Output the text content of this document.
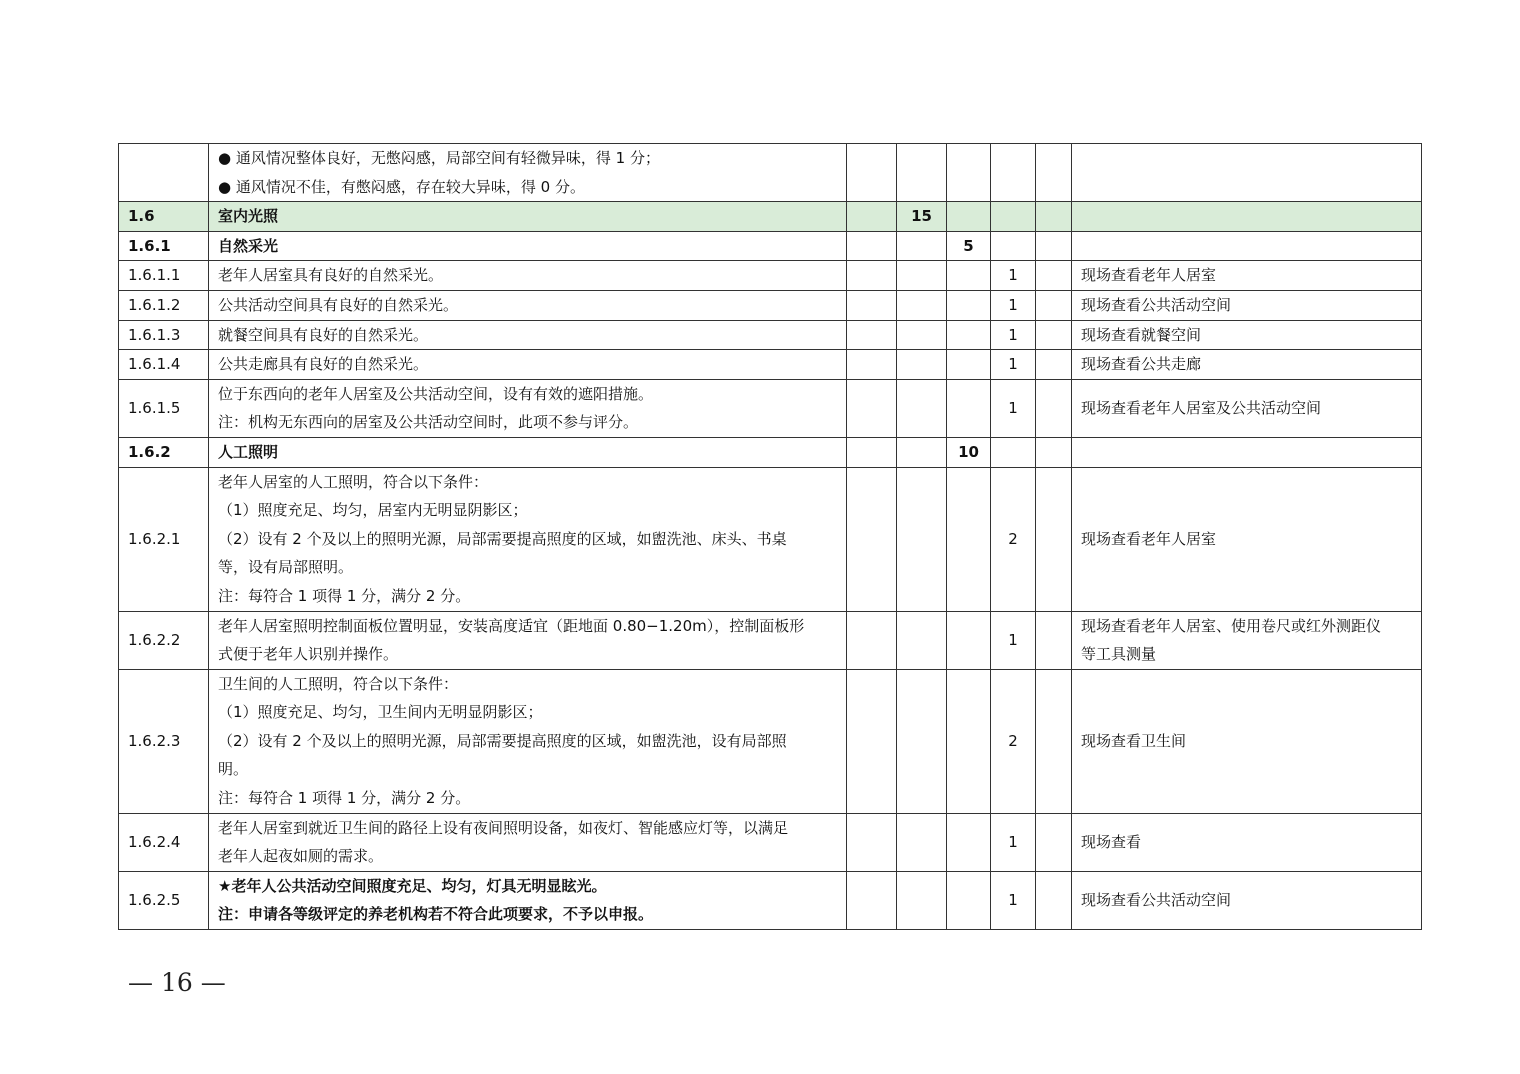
	● 通风情况整体良好，无憋闷感，局部空间有轻微异味，得 1 分；
● 通风情况不佳，有憋闷感，存在较大异味，得 0 分。						

1.6	室内光照		15				
1.6.1	自然采光			5			
1.6.1.1	老年人居室具有良好的自然采光。				1		现场查看老年人居室

1.6.1.2	公共活动空间具有良好的自然采光。				1		现场查看公共活动空间

1.6.1.3	就餐空间具有良好的自然采光。				1		现场查看就餐空间

1.6.1.4	公共走廊具有良好的自然采光。				1		现场查看公共走廊

1.6.1.5	位于东西向的老年人居室及公共活动空间，设有有效的遮阳措施。
注：机构无东西向的居室及公共活动空间时，此项不参与评分。				1		现场查看老年人居室及公共活动空间

1.6.2	人工照明			10			
1.6.2.1	老年人居室的人工照明，符合以下条件：
（1）照度充足、均匀，居室内无明显阴影区；
（2）设有 2 个及以上的照明光源，局部需要提高照度的区域，如盥洗池、床头、书桌
等，设有局部照明。
注：每符合 1 项得 1 分，满分 2 分。				2		现场查看老年人居室

1.6.2.2	老年人居室照明控制面板位置明显，安装高度适宜（距地面 0.80−1.20m），控制面板形
式便于老年人识别并操作。				1		现场查看老年人居室、使用卷尺或红外测距仪
等工具测量

1.6.2.3	卫生间的人工照明，符合以下条件：
（1）照度充足、均匀，卫生间内无明显阴影区；
（2）设有 2 个及以上的照明光源，局部需要提高照度的区域，如盥洗池，设有局部照
明。
注：每符合 1 项得 1 分，满分 2 分。				2		现场查看卫生间

1.6.2.4	老年人居室到就近卫生间的路径上设有夜间照明设备，如夜灯、智能感应灯等，以满足
老年人起夜如厕的需求。				1		现场查看

1.6.2.5	★老年人公共活动空间照度充足、均匀，灯具无明显眩光。
注：申请各等级评定的养老机构若不符合此项要求，不予以申报。				1		现场查看公共活动空间
— 16 —
